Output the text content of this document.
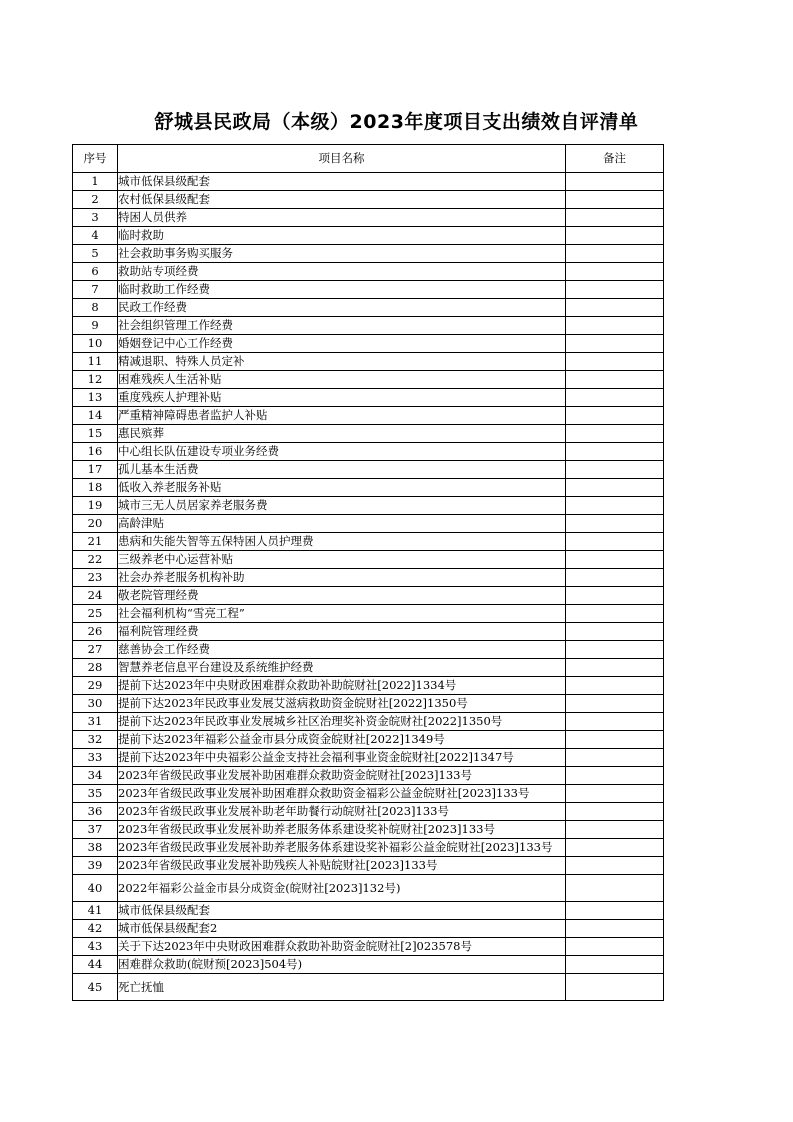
舒城县民政局（本级）2023年度项目支出绩效自评清单
序号	项目名称	备注
1	城市低保县级配套	
2	农村低保县级配套	
3	特困人员供养	
4	临时救助	
5	社会救助事务购买服务	
6	救助站专项经费	
7	临时救助工作经费	
8	民政工作经费	
9	社会组织管理工作经费	
10	婚姻登记中心工作经费	
11	精减退职、特殊人员定补	
12	困难残疾人生活补贴	
13	重度残疾人护理补贴	
14	严重精神障碍患者监护人补贴	
15	惠民殡葬	
16	中心组长队伍建设专项业务经费	
17	孤儿基本生活费	
18	低收入养老服务补贴	
19	城市三无人员居家养老服务费	
20	高龄津贴	
21	患病和失能失智等五保特困人员护理费	
22	三级养老中心运营补贴	
23	社会办养老服务机构补助	
24	敬老院管理经费	
25	社会福利机构“雪亮工程”	
26	福利院管理经费	
27	慈善协会工作经费	
28	智慧养老信息平台建设及系统维护经费	
29	提前下达2023年中央财政困难群众救助补助皖财社[2022]1334号	
30	提前下达2023年民政事业发展艾滋病救助资金皖财社[2022]1350号	
31	提前下达2023年民政事业发展城乡社区治理奖补资金皖财社[2022]1350号	
32	提前下达2023年福彩公益金市县分成资金皖财社[2022]1349号	
33	提前下达2023年中央福彩公益金支持社会福利事业资金皖财社[2022]1347号	
34	2023年省级民政事业发展补助困难群众救助资金皖财社[2023]133号	
35	2023年省级民政事业发展补助困难群众救助资金福彩公益金皖财社[2023]133号	
36	2023年省级民政事业发展补助老年助餐行动皖财社[2023]133号	
37	2023年省级民政事业发展补助养老服务体系建设奖补皖财社[2023]133号	
38	2023年省级民政事业发展补助养老服务体系建设奖补福彩公益金皖财社[2023]133号	
39	2023年省级民政事业发展补助残疾人补贴皖财社[2023]133号	
40	2022年福彩公益金市县分成资金(皖财社[2023]132号)	
41	城市低保县级配套	
42	城市低保县级配套2	
43	关于下达2023年中央财政困难群众救助补助资金皖财社[2]023578号	
44	困难群众救助(皖财预[2023]504号)	
45	死亡抚恤	
